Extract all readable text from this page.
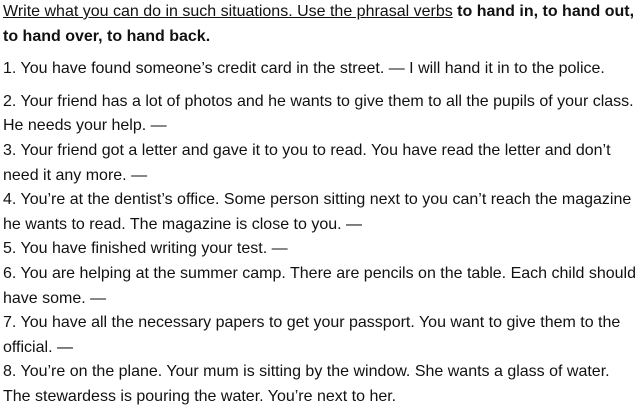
Write what you can do in such situations. Use the phrasal verbs to hand in, to hand out, to hand over, to hand back.

1. You have found someone’s credit card in the street. — I will hand it in to the police.

2. Your friend has a lot of photos and he wants to give them to all the pupils of your class. He needs your help. —

3. Your friend got a letter and gave it to you to read. You have read the letter and don’t need it any more. —

4. You’re at the dentist’s office. Some person sitting next to you can’t reach the magazine he wants to read. The magazine is close to you. —

5. You have finished writing your test. —

6. You are helping at the summer camp. There are pencils on the table. Each child should have some. —

7. You have all the necessary papers to get your passport. You want to give them to the official. —

8. You’re on the plane. Your mum is sitting by the window. She wants a glass of water. The stewardess is pouring the water. You’re next to her.
